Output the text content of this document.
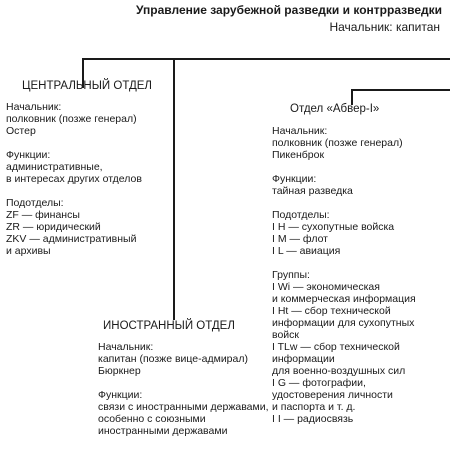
Управление зарубежной разведки и контрразведки
Начальник: капитан
ЦЕНТРАЛЬНЫЙ ОТДЕЛ
Начальник:
полковник (позже генерал)
Остер
Функции:
административные,
в интересах других отделов
Подотделы:
ZF — финансы
ZR — юридический
ZKV — административный
и архивы
ИНОСТРАННЫЙ ОТДЕЛ
Начальник:
капитан (позже вице-адмирал)
Бюркнер
Функции:
связи с иностранными державами,
особенно с союзными
иностранными державами
Отдел «Абвер-I»
Начальник:
полковник (позже генерал)
Пикенброк
Функции:
тайная разведка
Подотделы:
I H — сухопутные войска
I M — флот
I L — авиация
Группы:
I Wi — экономическая
и коммерческая информация
I Ht — сбор технической
информации для сухопутных
войск
I TLw — сбор технической
информации
для военно-воздушных сил
I G — фотографии,
удостоверения личности
и паспорта и т. д.
I I — радиосвязь
